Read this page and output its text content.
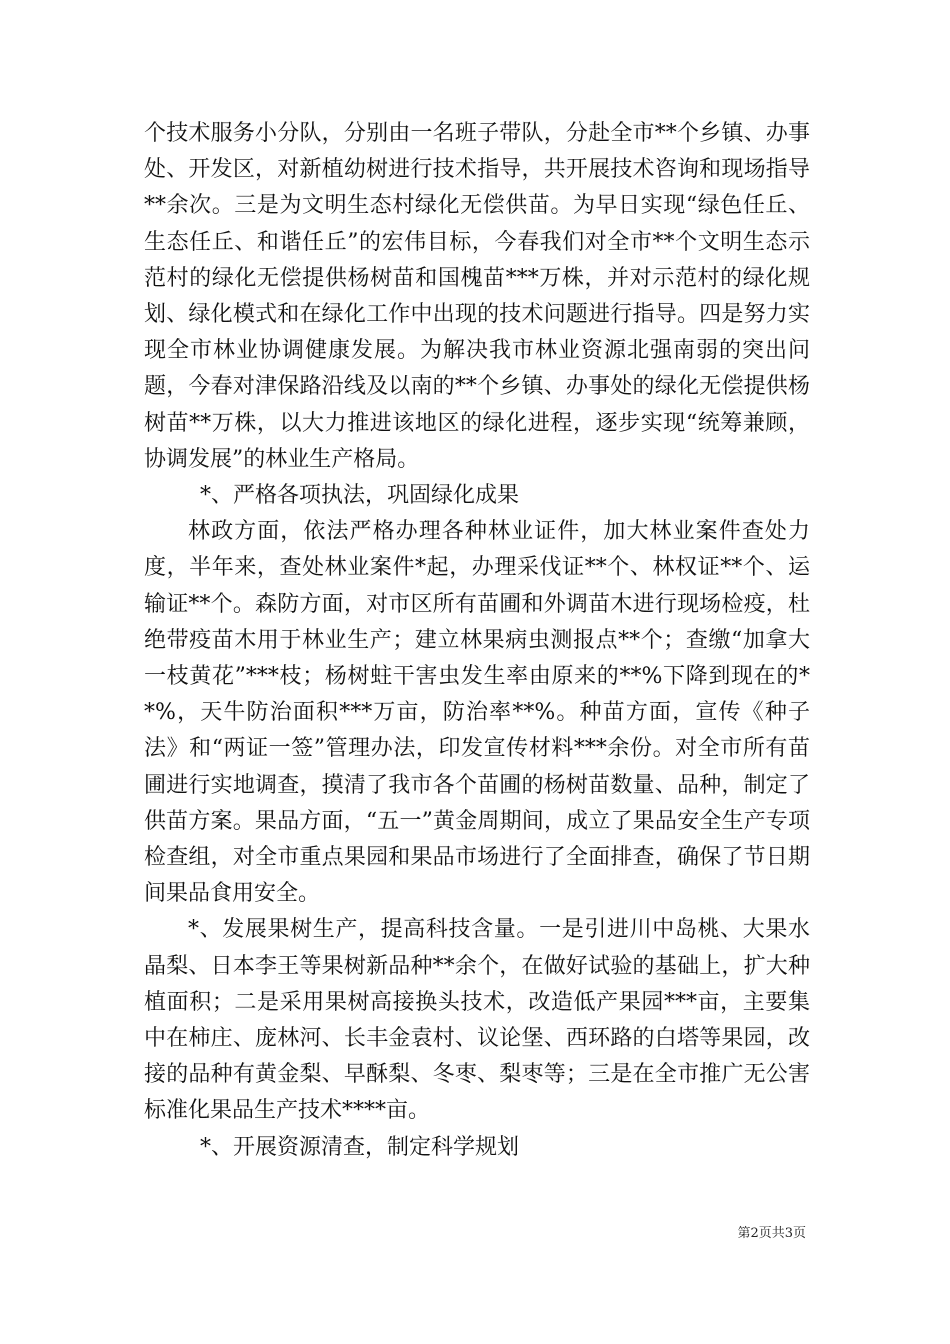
个技术服务小分队，分别由一名班子带队，分赴全市**个乡镇、办事处、开发区，对新植幼树进行技术指导，共开展技术咨询和现场指导**余次。三是为文明生态村绿化无偿供苗。为早日实现“绿色任丘、生态任丘、和谐任丘”的宏伟目标，今春我们对全市**个文明生态示范村的绿化无偿提供杨树苗和国槐苗***万株，并对示范村的绿化规划、绿化模式和在绿化工作中出现的技术问题进行指导。四是努力实现全市林业协调健康发展。为解决我市林业资源北强南弱的突出问题，今春对津保路沿线及以南的**个乡镇、办事处的绿化无偿提供杨树苗**万株，以大力推进该地区的绿化进程，逐步实现“统筹兼顾，协调发展”的林业生产格局。

*、严格各项执法，巩固绿化成果

林政方面，依法严格办理各种林业证件，加大林业案件查处力度，半年来，查处林业案件*起，办理采伐证**个、林权证**个、运输证**个。森防方面，对市区所有苗圃和外调苗木进行现场检疫，杜绝带疫苗木用于林业生产；建立林果病虫测报点**个；查缴“加拿大一枝黄花”***枝；杨树蛀干害虫发生率由原来的**%下降到现在的**%，天牛防治面积***万亩，防治率**%。种苗方面，宣传《种子法》和“两证一签”管理办法，印发宣传材料***余份。对全市所有苗圃进行实地调查，摸清了我市各个苗圃的杨树苗数量、品种，制定了供苗方案。果品方面，“五一”黄金周期间，成立了果品安全生产专项检查组，对全市重点果园和果品市场进行了全面排查，确保了节日期间果品食用安全。

*、发展果树生产，提高科技含量。一是引进川中岛桃、大果水晶梨、日本李王等果树新品种**余个，在做好试验的基础上，扩大种植面积；二是采用果树高接换头技术，改造低产果园***亩，主要集中在柿庄、庞林河、长丰金袁村、议论堡、西环路的白塔等果园，改接的品种有黄金梨、早酥梨、冬枣、梨枣等；三是在全市推广无公害标准化果品生产技术****亩。

*、开展资源清查，制定科学规划

第2页共3页
